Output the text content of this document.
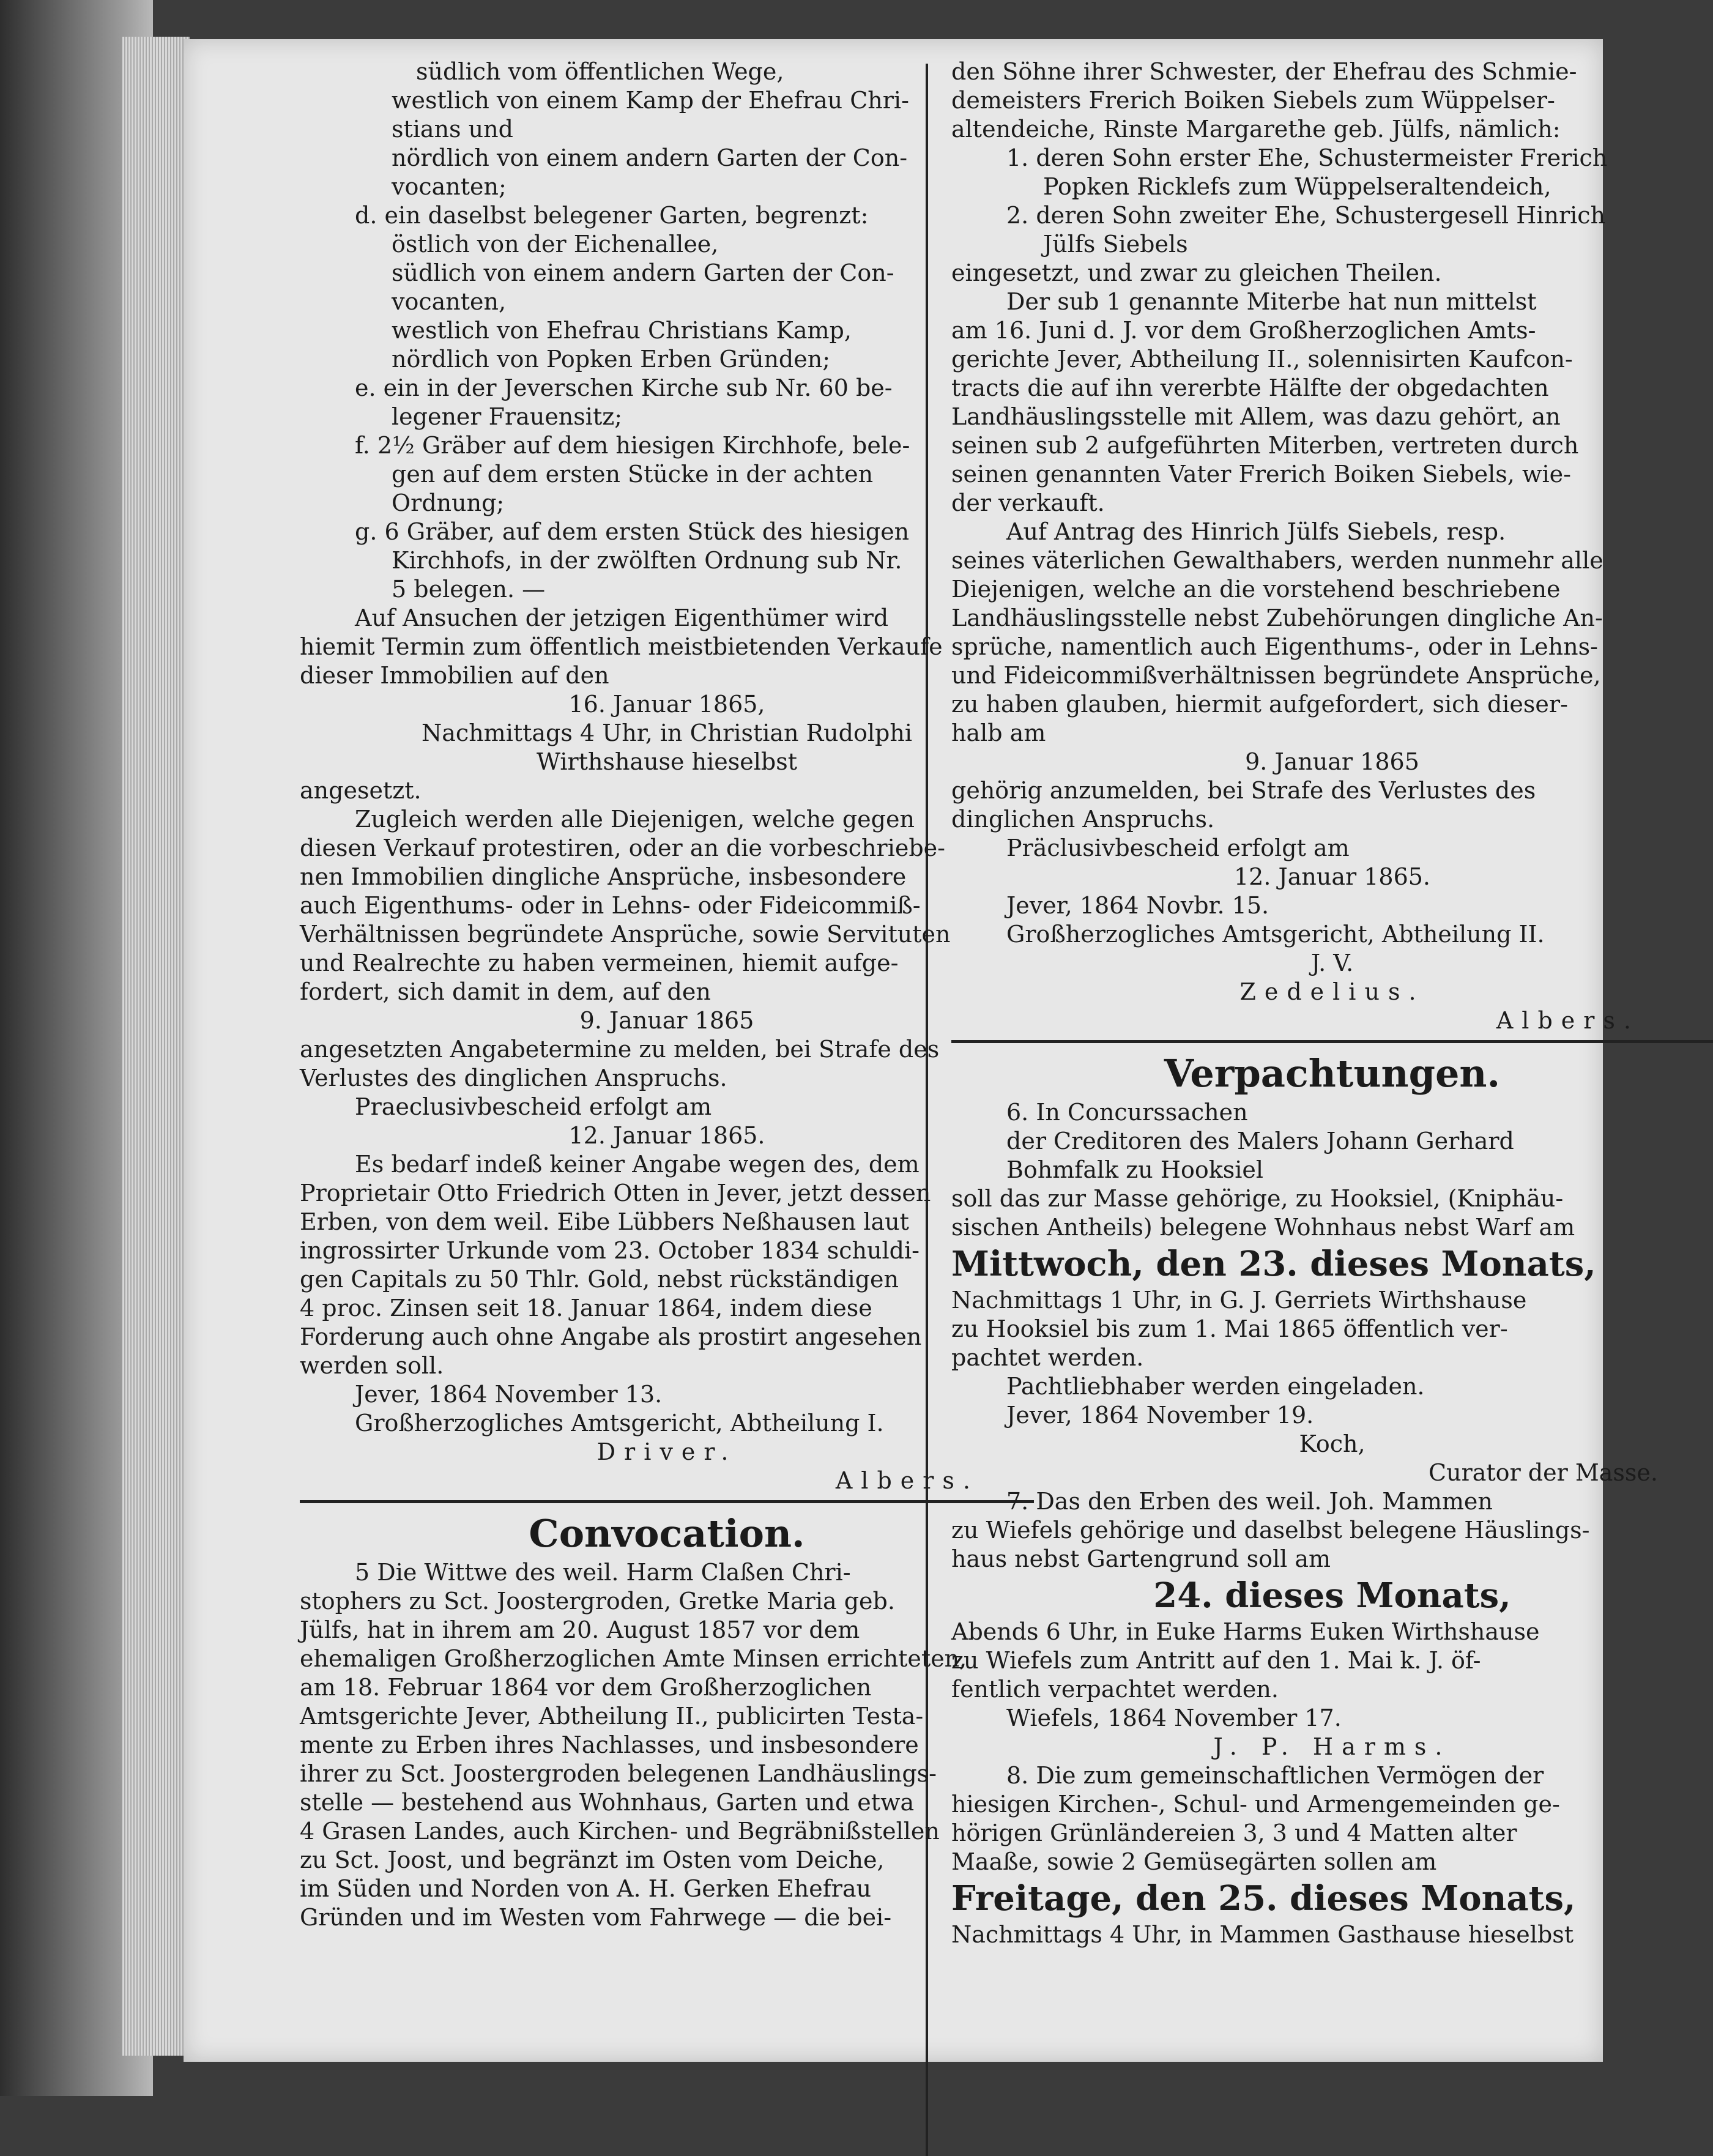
südlich vom öffentlichen Wege,
westlich von einem Kamp der Ehefrau Chri-
stians und
nördlich von einem andern Garten der Con-
vocanten;
d. ein daselbst belegener Garten, begrenzt:
östlich von der Eichenallee,
südlich von einem andern Garten der Con-
vocanten,
westlich von Ehefrau Christians Kamp,
nördlich von Popken Erben Gründen;
e. ein in der Jeverschen Kirche sub Nr. 60 be-
legener Frauensitz;
f. 2½ Gräber auf dem hiesigen Kirchhofe, bele-
gen auf dem ersten Stücke in der achten
Ordnung;
g. 6 Gräber, auf dem ersten Stück des hiesigen
Kirchhofs, in der zwölften Ordnung sub Nr.
5 belegen. —
Auf Ansuchen der jetzigen Eigenthümer wird
hiemit Termin zum öffentlich meistbietenden Verkaufe
dieser Immobilien auf den
16. Januar 1865,
Nachmittags 4 Uhr, in Christian Rudolphi
Wirthshause hieselbst
angesetzt.
Zugleich werden alle Diejenigen, welche gegen
diesen Verkauf protestiren, oder an die vorbeschriebe-
nen Immobilien dingliche Ansprüche, insbesondere
auch Eigenthums- oder in Lehns- oder Fideicommiß-
Verhältnissen begründete Ansprüche, sowie Servituten
und Realrechte zu haben vermeinen, hiemit aufge-
fordert, sich damit in dem, auf den
9. Januar 1865
angesetzten Angabetermine zu melden, bei Strafe des
Verlustes des dinglichen Anspruchs.
Praeclusivbescheid erfolgt am
12. Januar 1865.
Es bedarf indeß keiner Angabe wegen des, dem
Proprietair Otto Friedrich Otten in Jever, jetzt dessen
Erben, von dem weil. Eibe Lübbers Neßhausen laut
ingrossirter Urkunde vom 23. October 1834 schuldi-
gen Capitals zu 50 Thlr. Gold, nebst rückständigen
4 proc. Zinsen seit 18. Januar 1864, indem diese
Forderung auch ohne Angabe als prostirt angesehen
werden soll.
Jever, 1864 November 13.
Großherzogliches Amtsgericht, Abtheilung I.
Driver.
Albers.
Convocation.
5 Die Wittwe des weil. Harm Claßen Chri-
stophers zu Sct. Joostergroden, Gretke Maria geb.
Jülfs, hat in ihrem am 20. August 1857 vor dem
ehemaligen Großherzoglichen Amte Minsen errichteten,
am 18. Februar 1864 vor dem Großherzoglichen
Amtsgerichte Jever, Abtheilung II., publicirten Testa-
mente zu Erben ihres Nachlasses, und insbesondere
ihrer zu Sct. Joostergroden belegenen Landhäuslings-
stelle — bestehend aus Wohnhaus, Garten und etwa
4 Grasen Landes, auch Kirchen- und Begräbnißstellen
zu Sct. Joost, und begränzt im Osten vom Deiche,
im Süden und Norden von A. H. Gerken Ehefrau
Gründen und im Westen vom Fahrwege — die bei-
den Söhne ihrer Schwester, der Ehefrau des Schmie-
demeisters Frerich Boiken Siebels zum Wüppelser-
altendeiche, Rinste Margarethe geb. Jülfs, nämlich:
1. deren Sohn erster Ehe, Schustermeister Frerich
Popken Ricklefs zum Wüppelseraltendeich,
2. deren Sohn zweiter Ehe, Schustergesell Hinrich
Jülfs Siebels
eingesetzt, und zwar zu gleichen Theilen.
Der sub 1 genannte Miterbe hat nun mittelst
am 16. Juni d. J. vor dem Großherzoglichen Amts-
gerichte Jever, Abtheilung II., solennisirten Kaufcon-
tracts die auf ihn vererbte Hälfte der obgedachten
Landhäuslingsstelle mit Allem, was dazu gehört, an
seinen sub 2 aufgeführten Miterben, vertreten durch
seinen genannten Vater Frerich Boiken Siebels, wie-
der verkauft.
Auf Antrag des Hinrich Jülfs Siebels, resp.
seines väterlichen Gewalthabers, werden nunmehr alle
Diejenigen, welche an die vorstehend beschriebene
Landhäuslingsstelle nebst Zubehörungen dingliche An-
sprüche, namentlich auch Eigenthums-, oder in Lehns-
und Fideicommißverhältnissen begründete Ansprüche,
zu haben glauben, hiermit aufgefordert, sich dieser-
halb am
9. Januar 1865
gehörig anzumelden, bei Strafe des Verlustes des
dinglichen Anspruchs.
Präclusivbescheid erfolgt am
12. Januar 1865.
Jever, 1864 Novbr. 15.
Großherzogliches Amtsgericht, Abtheilung II.
J. V.
Zedelius.
Albers.
Verpachtungen.
6. In Concurssachen
der Creditoren des Malers Johann Gerhard
Bohmfalk zu Hooksiel
soll das zur Masse gehörige, zu Hooksiel, (Kniphäu-
sischen Antheils) belegene Wohnhaus nebst Warf am
Mittwoch, den 23. dieses Monats,
Nachmittags 1 Uhr, in G. J. Gerriets Wirthshause
zu Hooksiel bis zum 1. Mai 1865 öffentlich ver-
pachtet werden.
Pachtliebhaber werden eingeladen.
Jever, 1864 November 19.
Koch,
Curator der Masse.
7. Das den Erben des weil. Joh. Mammen
zu Wiefels gehörige und daselbst belegene Häuslings-
haus nebst Gartengrund soll am
24. dieses Monats,
Abends 6 Uhr, in Euke Harms Euken Wirthshause
zu Wiefels zum Antritt auf den 1. Mai k. J. öf-
fentlich verpachtet werden.
Wiefels, 1864 November 17.
J. P. Harms.
8. Die zum gemeinschaftlichen Vermögen der
hiesigen Kirchen-, Schul- und Armengemeinden ge-
hörigen Grünländereien 3, 3 und 4 Matten alter
Maaße, sowie 2 Gemüsegärten sollen am
Freitage, den 25. dieses Monats,
Nachmittags 4 Uhr, in Mammen Gasthause hieselbst
